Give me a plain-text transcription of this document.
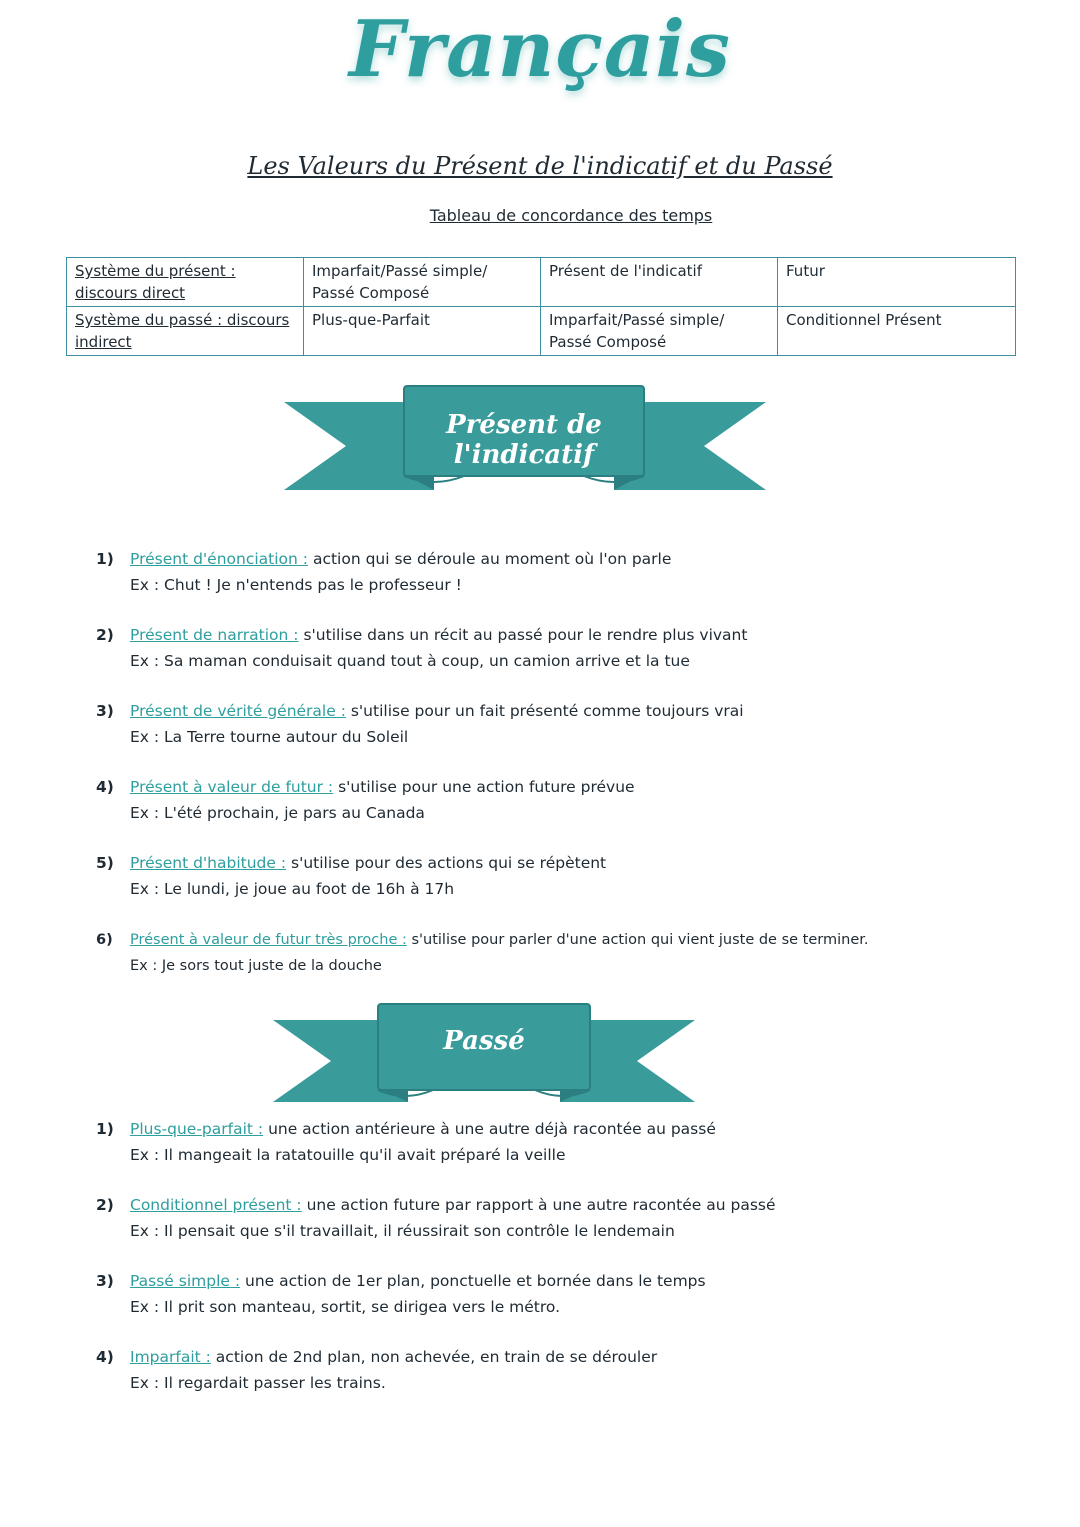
Français
Les Valeurs du Présent de l'indicatif et du Passé
Tableau de concordance des temps
Système du présent : discours direct	Imparfait/Passé simple/ Passé Composé	Présent de l'indicatif	Futur
Système du passé : discours indirect	Plus-que-Parfait	Imparfait/Passé simple/ Passé Composé	Conditionnel Présent
Présent de l'indicatif
1) Présent d'énonciation : action qui se déroule au moment où l'on parle
Ex : Chut ! Je n'entends pas le professeur !
2) Présent de narration : s'utilise dans un récit au passé pour le rendre plus vivant
Ex : Sa maman conduisait quand tout à coup, un camion arrive et la tue
3) Présent de vérité générale : s'utilise pour un fait présenté comme toujours vrai
Ex : La Terre tourne autour du Soleil
4) Présent à valeur de futur : s'utilise pour une action future prévue
Ex : L'été prochain, je pars au Canada
5) Présent d'habitude : s'utilise pour des actions qui se répètent
Ex : Le lundi, je joue au foot de 16h à 17h
6) Présent à valeur de futur très proche : s'utilise pour parler d'une action qui vient juste de se terminer.
Ex : Je sors tout juste de la douche
Passé
1) Plus-que-parfait : une action antérieure à une autre déjà racontée au passé
Ex : Il mangeait la ratatouille qu'il avait préparé la veille
2) Conditionnel présent : une action future par rapport à une autre racontée au passé
Ex : Il pensait que s'il travaillait, il réussirait son contrôle le lendemain
3) Passé simple : une action de 1er plan, ponctuelle et bornée dans le temps
Ex : Il prit son manteau, sortit, se dirigea vers le métro.
4) Imparfait : action de 2nd plan, non achevée, en train de se dérouler
Ex : Il regardait passer les trains.
